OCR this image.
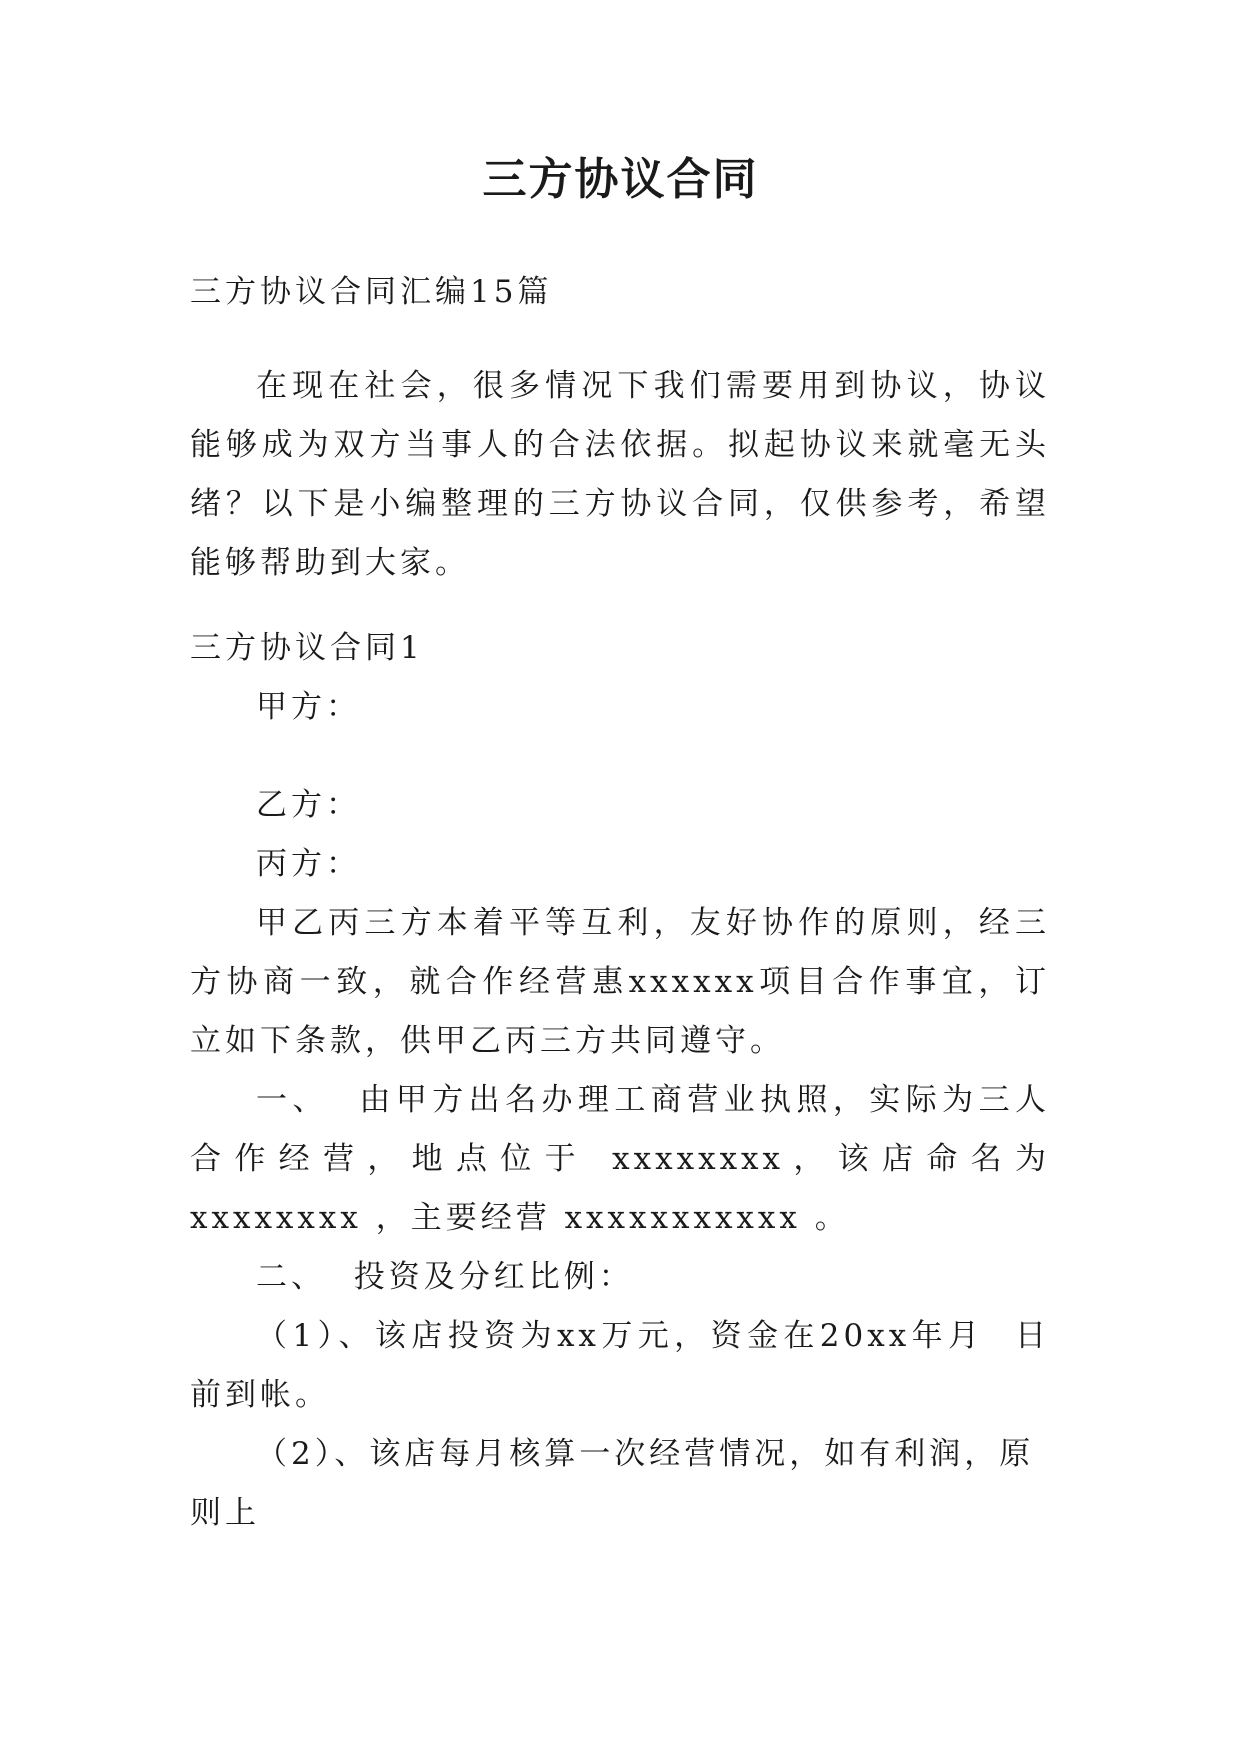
三方协议合同

三方协议合同汇编15篇

在现在社会，很多情况下我们需要用到协议，协议能够成为双方当事人的合法依据。拟起协议来就毫无头绪？以下是小编整理的三方协议合同，仅供参考，希望能够帮助到大家。

三方协议合同1

甲方：

乙方：

丙方：

甲乙丙三方本着平等互利，友好协作的原则，经三方协商一致，就合作经营惠xxxxxx项目合作事宜，订立如下条款，供甲乙丙三方共同遵守。

一、  由甲方出名办理工商营业执照，实际为三人合作经营，地点位于 xxxxxxxx，该店命名为xxxxxxxx ，主要经营 xxxxxxxxxxx 。

二、  投资及分红比例：

（1）、该店投资为xx万元，资金在20xx年月  日前到帐。

（2）、该店每月核算一次经营情况，如有利润，原则上
